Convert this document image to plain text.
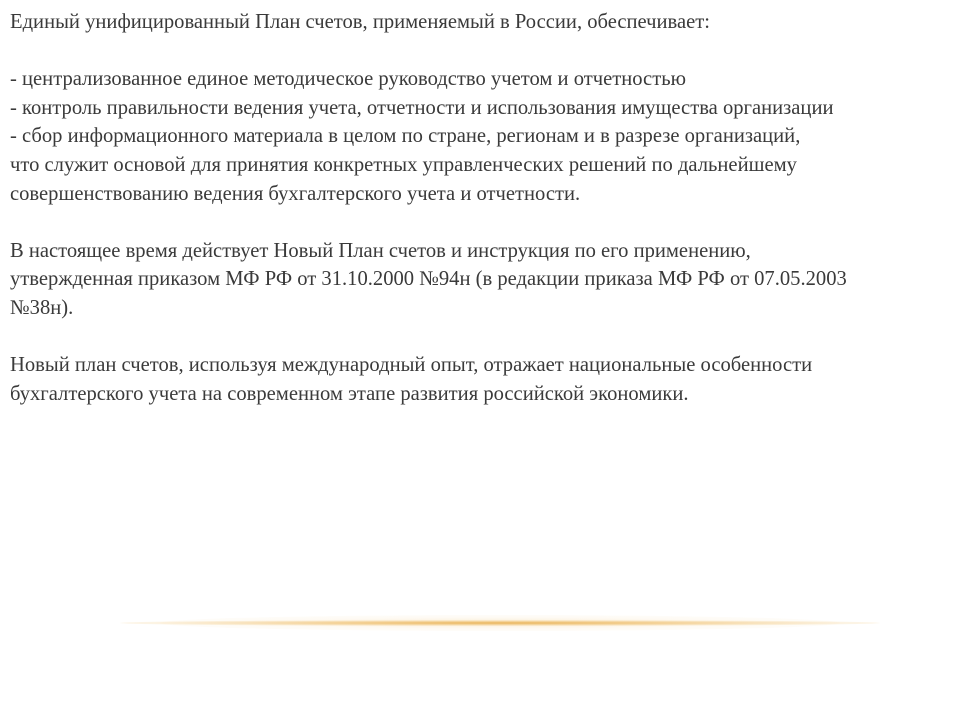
Единый унифицированный План счетов, применяемый в России, обеспечивает:
- централизованное единое методическое руководство учетом и отчетностью
- контроль правильности ведения учета, отчетности и использования имущества организации
- сбор информационного материала в целом по стране, регионам и в разрезе организаций,
что служит основой для принятия конкретных управленческих решений по дальнейшему
совершенствованию ведения бухгалтерского учета и отчетности.
В настоящее время действует Новый План счетов и инструкция по его применению,
утвержденная приказом МФ РФ от 31.10.2000 №94н (в редакции приказа МФ РФ от 07.05.2003
№38н).
Новый план счетов, используя международный опыт, отражает национальные особенности
бухгалтерского учета на современном этапе развития российской экономики.
